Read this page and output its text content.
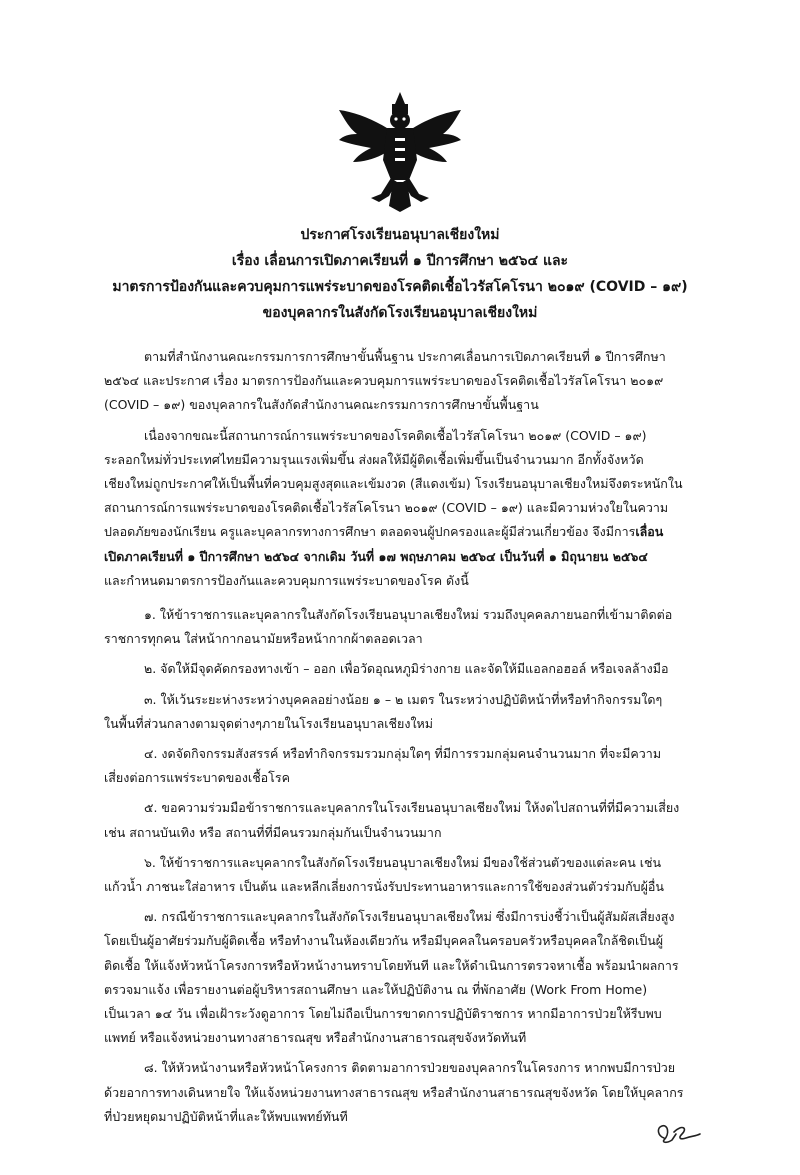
ประกาศโรงเรียนอนุบาลเชียงใหม่
เรื่อง เลื่อนการเปิดภาคเรียนที่ ๑ ปีการศึกษา ๒๕๖๔ และ
มาตรการป้องกันและควบคุมการแพร่ระบาดของโรคติดเชื้อไวรัสโคโรนา ๒๐๑๙ (COVID – ๑๙)
ของบุคลากรในสังกัดโรงเรียนอนุบาลเชียงใหม่
ตามที่สำนักงานคณะกรรมการการศึกษาขั้นพื้นฐาน ประกาศเลื่อนการเปิดภาคเรียนที่ ๑ ปีการศึกษา
๒๕๖๔ และประกาศ เรื่อง มาตรการป้องกันและควบคุมการแพร่ระบาดของโรคติดเชื้อไวรัสโคโรนา ๒๐๑๙
(COVID – ๑๙) ของบุคลากรในสังกัดสำนักงานคณะกรรมการการศึกษาขั้นพื้นฐาน
เนื่องจากขณะนี้สถานการณ์การแพร่ระบาดของโรคติดเชื้อไวรัสโคโรนา ๒๐๑๙ (COVID – ๑๙)
ระลอกใหม่ทั่วประเทศไทยมีความรุนแรงเพิ่มขึ้น ส่งผลให้มีผู้ติดเชื้อเพิ่มขึ้นเป็นจำนวนมาก อีกทั้งจังหวัด
เชียงใหม่ถูกประกาศให้เป็นพื้นที่ควบคุมสูงสุดและเข้มงวด (สีแดงเข้ม) โรงเรียนอนุบาลเชียงใหม่จึงตระหนักใน
สถานการณ์การแพร่ระบาดของโรคติดเชื้อไวรัสโคโรนา ๒๐๑๙ (COVID – ๑๙) และมีความห่วงใยในความ
ปลอดภัยของนักเรียน ครูและบุคลากรทางการศึกษา ตลอดจนผู้ปกครองและผู้มีส่วนเกี่ยวข้อง จึงมีการเลื่อน
เปิดภาคเรียนที่ ๑ ปีการศึกษา ๒๕๖๔ จากเดิม วันที่ ๑๗ พฤษภาคม ๒๕๖๔ เป็นวันที่ ๑ มิถุนายน ๒๕๖๔
และกำหนดมาตรการป้องกันและควบคุมการแพร่ระบาดของโรค ดังนี้
๑. ให้ข้าราชการและบุคลากรในสังกัดโรงเรียนอนุบาลเชียงใหม่ รวมถึงบุคคลภายนอกที่เข้ามาติดต่อ
ราชการทุกคน ใส่หน้ากากอนามัยหรือหน้ากากผ้าตลอดเวลา
๒. จัดให้มีจุดคัดกรองทางเข้า – ออก เพื่อวัดอุณหภูมิร่างกาย และจัดให้มีแอลกอฮอล์ หรือเจลล้างมือ
๓. ให้เว้นระยะห่างระหว่างบุคคลอย่างน้อย ๑ – ๒ เมตร ในระหว่างปฏิบัติหน้าที่หรือทำกิจกรรมใดๆ
ในพื้นที่ส่วนกลางตามจุดต่างๆภายในโรงเรียนอนุบาลเชียงใหม่
๔. งดจัดกิจกรรมสังสรรค์ หรือทำกิจกรรมรวมกลุ่มใดๆ ที่มีการรวมกลุ่มคนจำนวนมาก ที่จะมีความ
เสี่ยงต่อการแพร่ระบาดของเชื้อโรค
๕. ขอความร่วมมือข้าราชการและบุคลากรในโรงเรียนอนุบาลเชียงใหม่ ให้งดไปสถานที่ที่มีความเสี่ยง
เช่น สถานบันเทิง หรือ สถานที่ที่มีคนรวมกลุ่มกันเป็นจำนวนมาก
๖. ให้ข้าราชการและบุคลากรในสังกัดโรงเรียนอนุบาลเชียงใหม่ มีของใช้ส่วนตัวของแต่ละคน เช่น
แก้วน้ำ ภาชนะใส่อาหาร เป็นต้น และหลีกเลี่ยงการนั่งรับประทานอาหารและการใช้ของส่วนตัวร่วมกับผู้อื่น
๗. กรณีข้าราชการและบุคลากรในสังกัดโรงเรียนอนุบาลเชียงใหม่ ซึ่งมีการบ่งชี้ว่าเป็นผู้สัมผัสเสี่ยงสูง
โดยเป็นผู้อาศัยร่วมกับผู้ติดเชื้อ หรือทำงานในห้องเดียวกัน หรือมีบุคคลในครอบครัวหรือบุคคลใกล้ชิดเป็นผู้
ติดเชื้อ ให้แจ้งหัวหน้าโครงการหรือหัวหน้างานทราบโดยทันที และให้ดำเนินการตรวจหาเชื้อ พร้อมนำผลการ
ตรวจมาแจ้ง เพื่อรายงานต่อผู้บริหารสถานศึกษา และให้ปฏิบัติงาน ณ ที่พักอาศัย (Work From Home)
เป็นเวลา ๑๔ วัน เพื่อเฝ้าระวังดูอาการ โดยไม่ถือเป็นการขาดการปฏิบัติราชการ หากมีอาการป่วยให้รีบพบ
แพทย์ หรือแจ้งหน่วยงานทางสาธารณสุข หรือสำนักงานสาธารณสุขจังหวัดทันที
๘. ให้หัวหน้างานหรือหัวหน้าโครงการ ติดตามอาการป่วยของบุคลากรในโครงการ หากพบมีการป่วย
ด้วยอาการทางเดินหายใจ ให้แจ้งหน่วยงานทางสาธารณสุข หรือสำนักงานสาธารณสุขจังหวัด โดยให้บุคลากร
ที่ป่วยหยุดมาปฏิบัติหน้าที่และให้พบแพทย์ทันที
